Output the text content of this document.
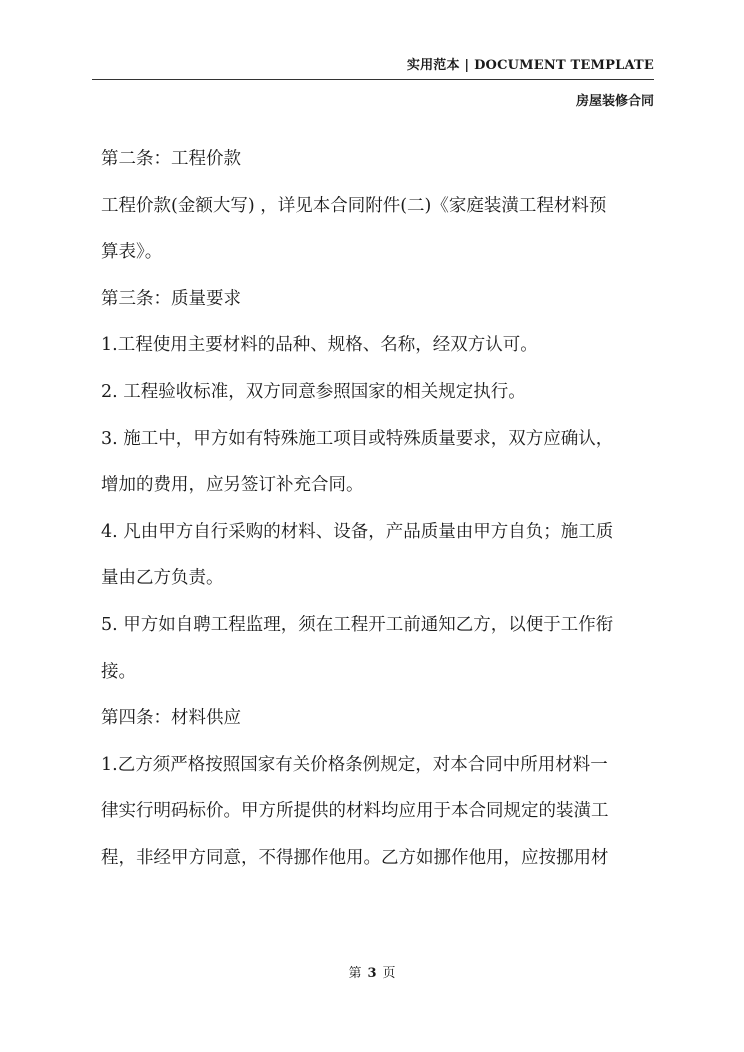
实用范本 | DOCUMENT TEMPLATE
房屋装修合同
第二条：工程价款
工程价款(金额大写) ，详见本合同附件(二)《家庭装潢工程材料预
算表》。
第三条：质量要求
1.工程使用主要材料的品种、规格、名称，经双方认可。
2. 工程验收标准，双方同意参照国家的相关规定执行。
3. 施工中，甲方如有特殊施工项目或特殊质量要求，双方应确认，
增加的费用，应另签订补充合同。
4. 凡由甲方自行采购的材料、设备，产品质量由甲方自负；施工质
量由乙方负责。
5. 甲方如自聘工程监理，须在工程开工前通知乙方，以便于工作衔
接。
第四条：材料供应
1.乙方须严格按照国家有关价格条例规定，对本合同中所用材料一
律实行明码标价。甲方所提供的材料均应用于本合同规定的装潢工
程，非经甲方同意，不得挪作他用。乙方如挪作他用，应按挪用材
第 3 页
